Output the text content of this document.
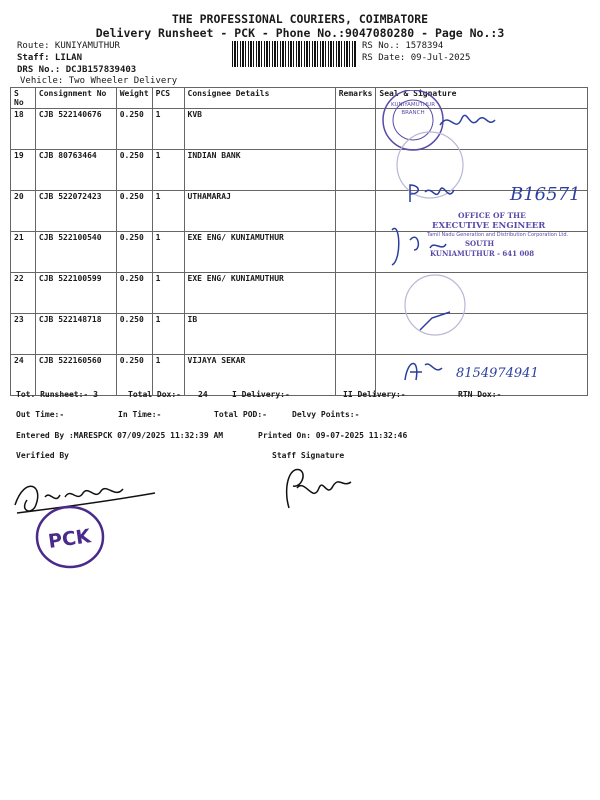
THE PROFESSIONAL COURIERS, COIMBATORE
Delivery Runsheet - PCK - Phone No.:9047080280 - Page No.:3
Route: KUNIYAMUTHUR
Staff: LILAN
DRS No.: DCJB157839403
Vehicle: Two Wheeler Delivery
RS No.: 1578394
RS Date: 09-Jul-2025
S No	Consignment No	Weight	PCS	Consignee Details	Remarks	Seal & Signature
18	CJB 522140676	0.250	1	KVB		
19	CJB 80763464	0.250	1	INDIAN BANK		
20	CJB 522072423	0.250	1	UTHAMARAJ		
21	CJB 522100540	0.250	1	EXE ENG/ KUNIAMUTHUR		
22	CJB 522100599	0.250	1	EXE ENG/ KUNIAMUTHUR		
23	CJB 522148718	0.250	1	IB		
24	CJB 522160560	0.250	1	VIJAYA SEKAR		
KUNIYAMUTHUR
BRANCH
B16571
OFFICE OF THE
EXECUTIVE ENGINEER
Tamil Nadu Generation and Distribution Corporation Ltd.
SOUTH
KUNIAMUTHUR - 641 008
8154974941
Tot. Runsheet:- 3	Total Dox:- 24	I Delivery:-	II Delivery:-	RTN Dox:-
Out Time:-	In Time:-	Total POD:-	Delvy Points:-
Entered By :MARESPCK 07/09/2025 11:32:39 AM	Printed On: 09-07-2025 11:32:46
Verified By	Staff Signature
PCK
